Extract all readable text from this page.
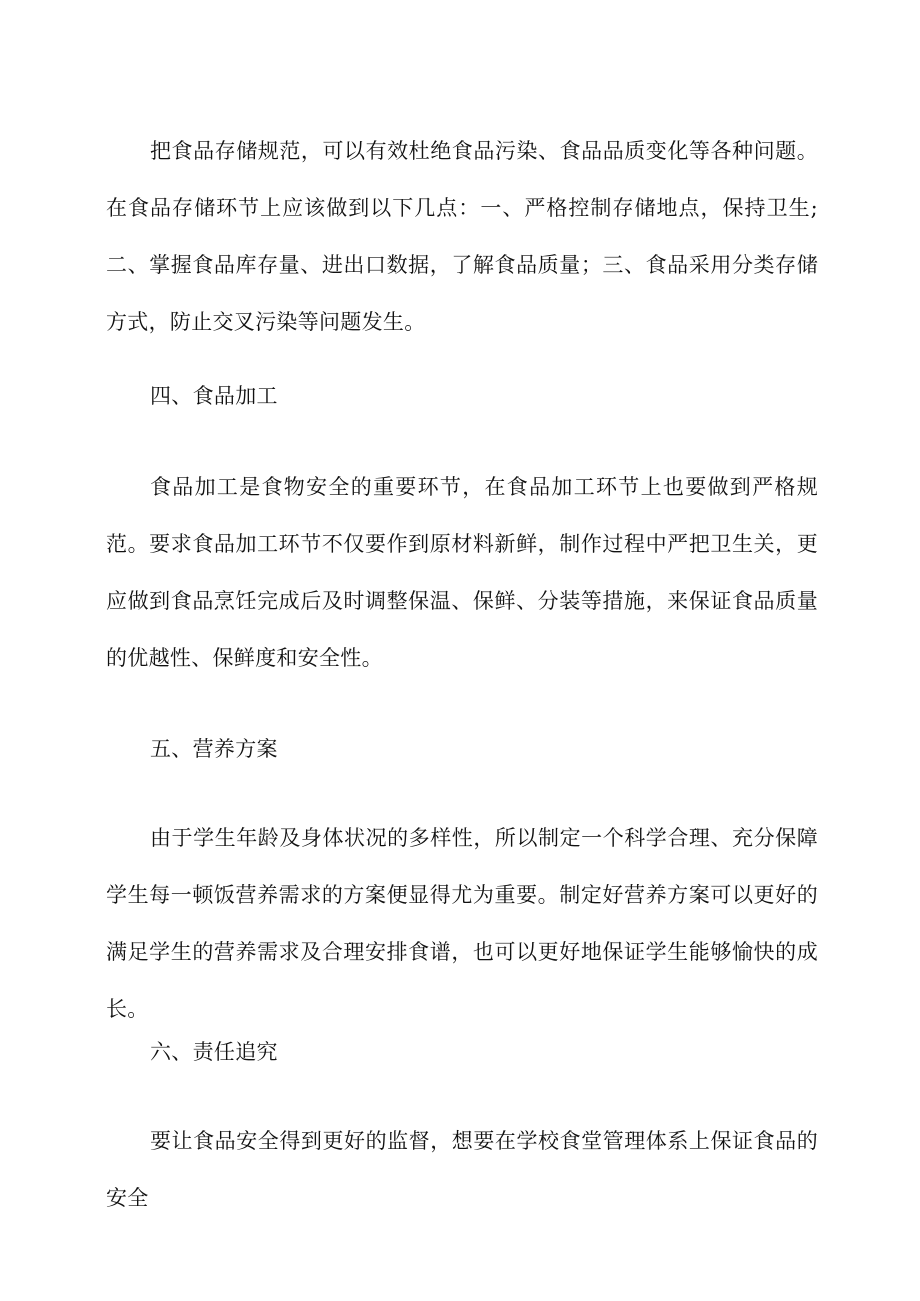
把食品存储规范，可以有效杜绝食品污染、食品品质变化等各种问题。在食品存储环节上应该做到以下几点：一、严格控制存储地点，保持卫生;二、掌握食品库存量、进出口数据，了解食品质量；三、食品采用分类存储方式，防止交叉污染等问题发生。

四、食品加工

食品加工是食物安全的重要环节，在食品加工环节上也要做到严格规范。要求食品加工环节不仅要作到原材料新鲜，制作过程中严把卫生关，更应做到食品烹饪完成后及时调整保温、保鲜、分装等措施，来保证食品质量的优越性、保鲜度和安全性。

五、营养方案

由于学生年龄及身体状况的多样性，所以制定一个科学合理、充分保障学生每一顿饭营养需求的方案便显得尤为重要。制定好营养方案可以更好的满足学生的营养需求及合理安排食谱，也可以更好地保证学生能够愉快的成长。

六、责任追究

要让食品安全得到更好的监督，想要在学校食堂管理体系上保证食品的安全
